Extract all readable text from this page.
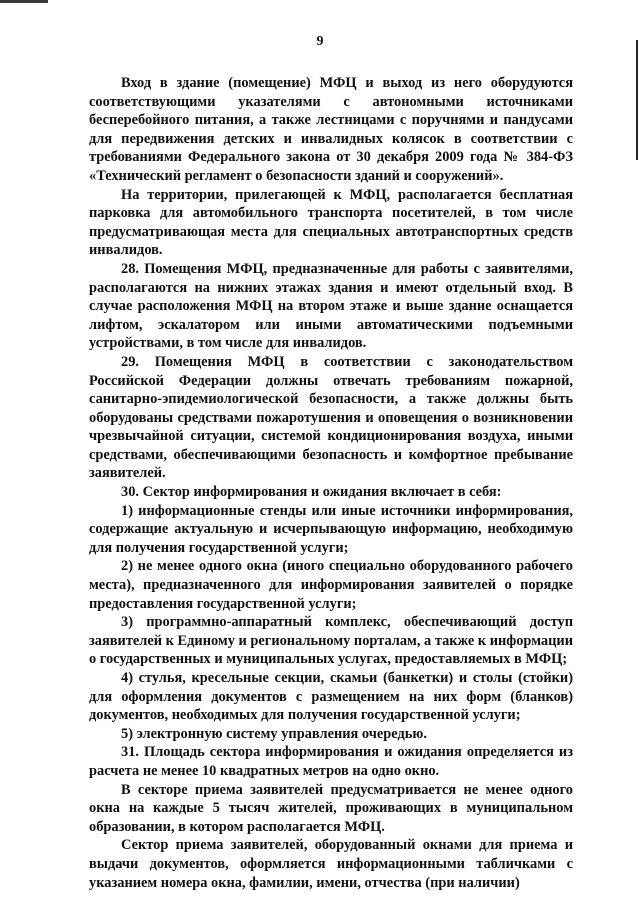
9

Вход в здание (помещение) МФЦ и выход из него оборудуются соответствующими указателями с автономными источниками бесперебойного питания, а также лестницами с поручнями и пандусами для передвижения детских и инвалидных колясок в соответствии с требованиями Федерального закона от 30 декабря 2009 года № 384-ФЗ «Технический регламент о безопасности зданий и сооружений».

На территории, прилегающей к МФЦ, располагается бесплатная парковка для автомобильного транспорта посетителей, в том числе предусматривающая места для специальных автотранспортных средств инвалидов.

28. Помещения МФЦ, предназначенные для работы с заявителями, располагаются на нижних этажах здания и имеют отдельный вход. В случае расположения МФЦ на втором этаже и выше здание оснащается лифтом, эскалатором или иными автоматическими подъемными устройствами, в том числе для инвалидов.

29. Помещения МФЦ в соответствии с законодательством Российской Федерации должны отвечать требованиям пожарной, санитарно-эпидемиологической безопасности, а также должны быть оборудованы средствами пожаротушения и оповещения о возникновении чрезвычайной ситуации, системой кондиционирования воздуха, иными средствами, обеспечивающими безопасность и комфортное пребывание заявителей.

30. Сектор информирования и ожидания включает в себя:

1) информационные стенды или иные источники информирования, содержащие актуальную и исчерпывающую информацию, необходимую для получения государственной услуги;

2) не менее одного окна (иного специально оборудованного рабочего места), предназначенного для информирования заявителей о порядке предоставления государственной услуги;

3) программно-аппаратный комплекс, обеспечивающий доступ заявителей к Единому и региональному порталам, а также к информации о государственных и муниципальных услугах, предоставляемых в МФЦ;

4) стулья, кресельные секции, скамьи (банкетки) и столы (стойки) для оформления документов с размещением на них форм (бланков) документов, необходимых для получения государственной услуги;

5) электронную систему управления очередью.

31. Площадь сектора информирования и ожидания определяется из расчета не менее 10 квадратных метров на одно окно.

В секторе приема заявителей предусматривается не менее одного окна на каждые 5 тысяч жителей, проживающих в муниципальном образовании, в котором располагается МФЦ.

Сектор приема заявителей, оборудованный окнами для приема и выдачи документов, оформляется информационными табличками с указанием номера окна, фамилии, имени, отчества (при наличии)
